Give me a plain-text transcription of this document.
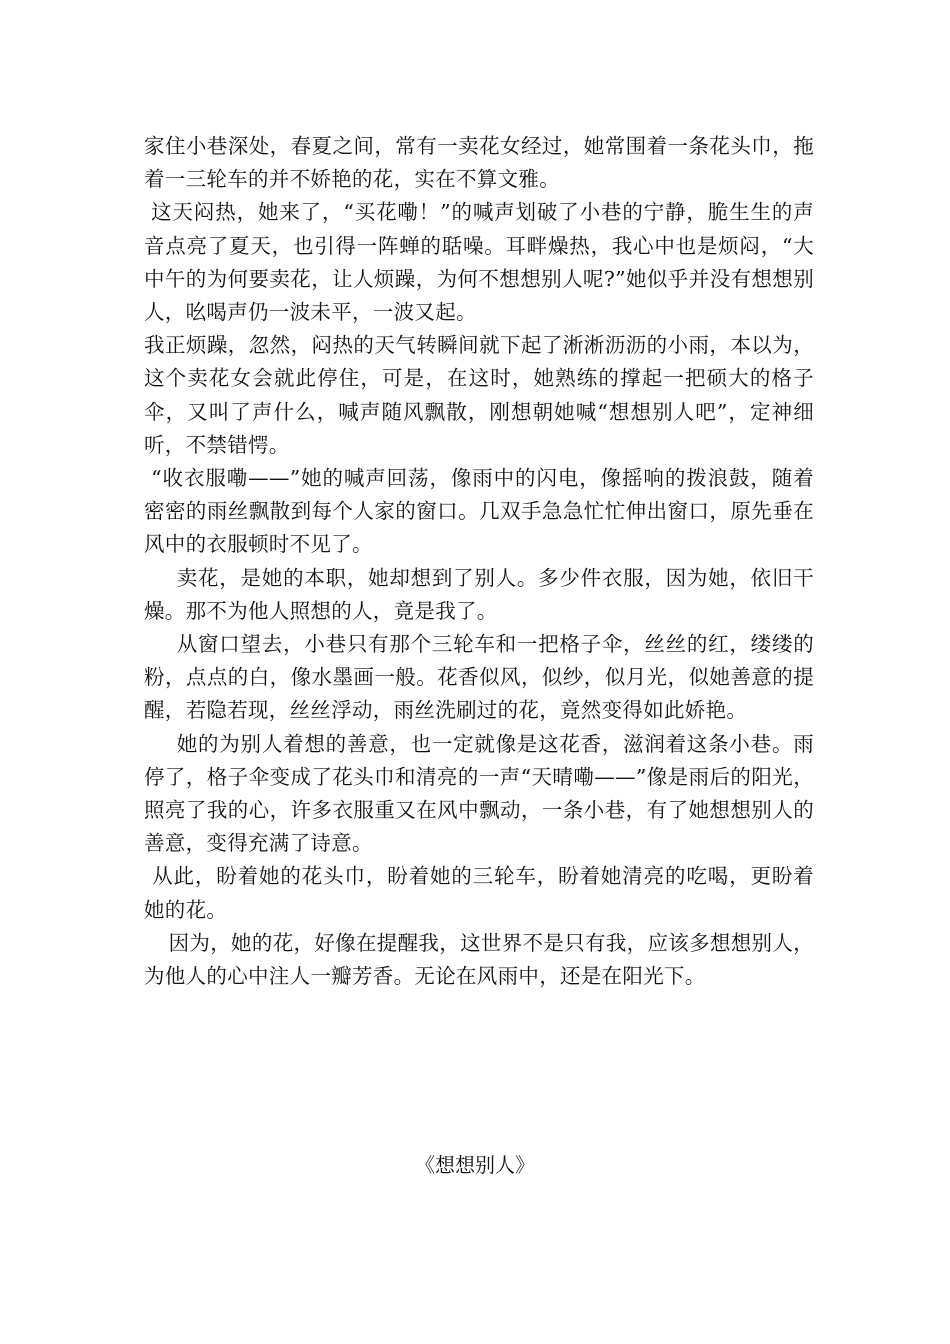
家住小巷深处，春夏之间，常有一卖花女经过，她常围着一条花头巾，拖着一三轮车的并不娇艳的花，实在不算文雅。

这天闷热，她来了，“买花嘞！”的喊声划破了小巷的宁静，脆生生的声音点亮了夏天，也引得一阵蝉的聒噪。耳畔燥热，我心中也是烦闷，“大中午的为何要卖花，让人烦躁，为何不想想别人呢?”她似乎并没有想想别人，吆喝声仍一波未平，一波又起。

我正烦躁，忽然，闷热的天气转瞬间就下起了淅淅沥沥的小雨，本以为，这个卖花女会就此停住，可是，在这时，她熟练的撑起一把硕大的格子伞，又叫了声什么，喊声随风飘散，刚想朝她喊“想想别人吧”，定神细听，不禁错愕。

“收衣服嘞——”她的喊声回荡，像雨中的闪电，像摇响的拨浪鼓，随着密密的雨丝飘散到每个人家的窗口。几双手急急忙忙伸出窗口，原先垂在风中的衣服顿时不见了。

卖花，是她的本职，她却想到了别人。多少件衣服，因为她，依旧干燥。那不为他人照想的人，竟是我了。

从窗口望去，小巷只有那个三轮车和一把格子伞，丝丝的红，缕缕的粉，点点的白，像水墨画一般。花香似风，似纱，似月光，似她善意的提醒，若隐若现，丝丝浮动，雨丝洗刷过的花，竟然变得如此娇艳。

她的为别人着想的善意，也一定就像是这花香，滋润着这条小巷。雨停了，格子伞变成了花头巾和清亮的一声“天晴嘞——”像是雨后的阳光，照亮了我的心，许多衣服重又在风中飘动，一条小巷，有了她想想别人的善意，变得充满了诗意。

从此，盼着她的花头巾，盼着她的三轮车，盼着她清亮的吃喝，更盼着她的花。

因为，她的花，好像在提醒我，这世界不是只有我，应该多想想别人，为他人的心中注人一瓣芳香。无论在风雨中，还是在阳光下。

《想想别人》
